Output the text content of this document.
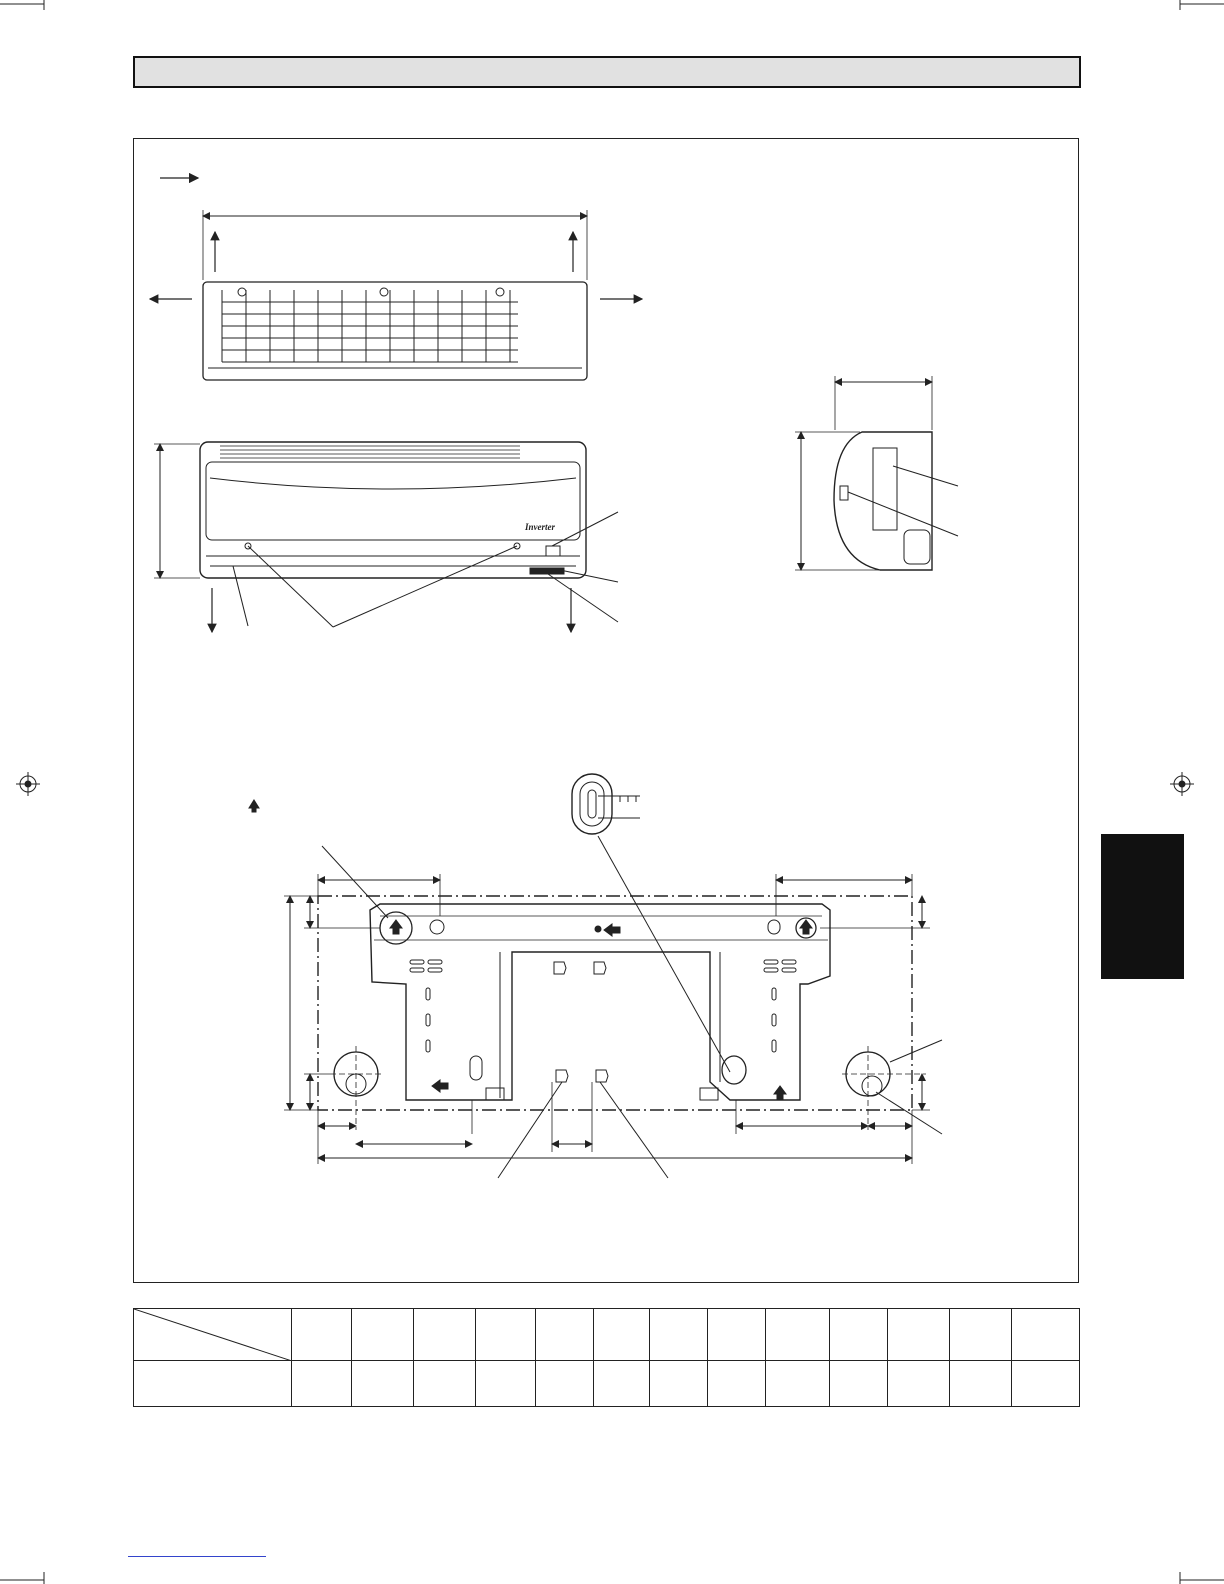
Inverter
